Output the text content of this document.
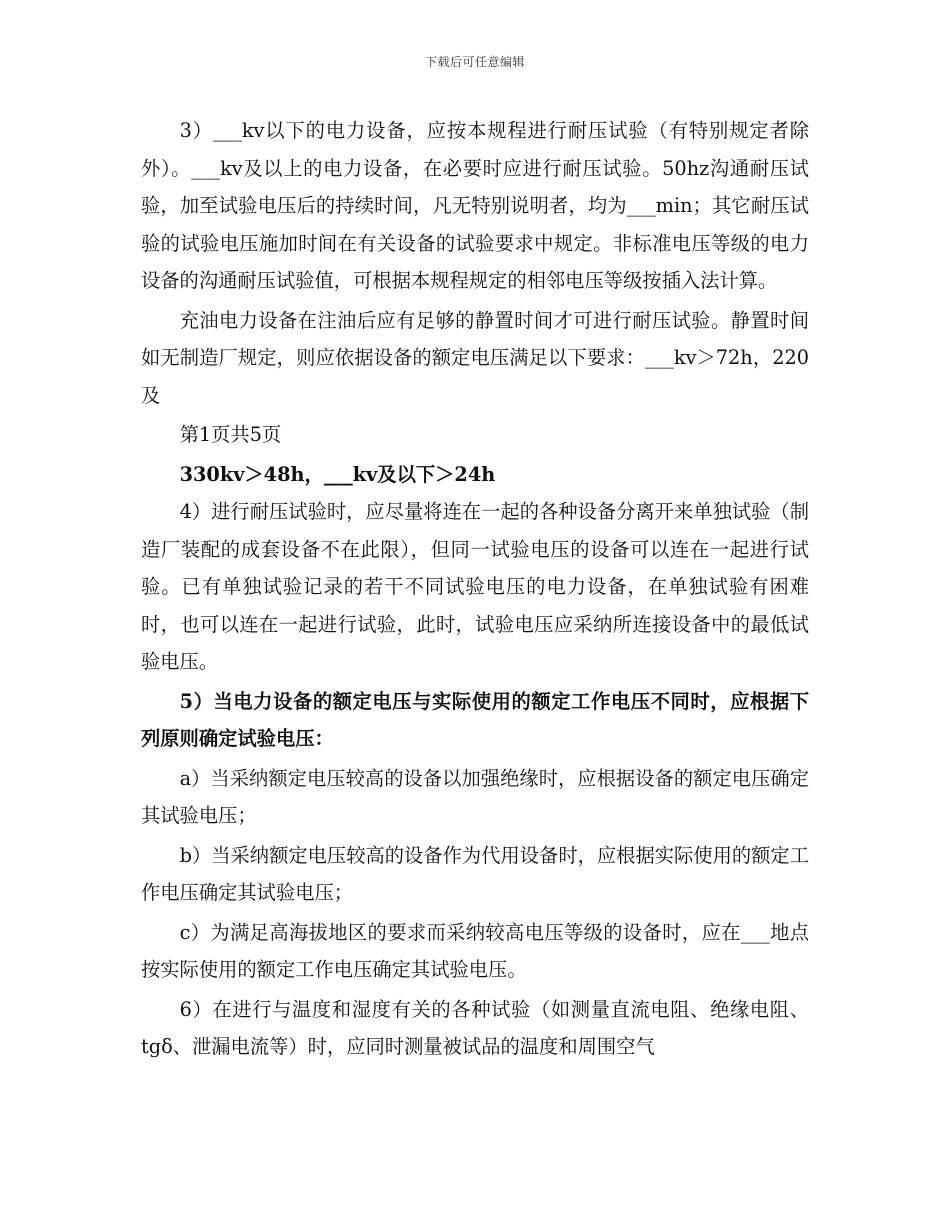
下载后可任意编辑

3）___kv以下的电力设备，应按本规程进行耐压试验（有特别规定者除外）。___kv及以上的电力设备，在必要时应进行耐压试验。50hz沟通耐压试验，加至试验电压后的持续时间，凡无特别说明者，均为___min；其它耐压试验的试验电压施加时间在有关设备的试验要求中规定。非标准电压等级的电力设备的沟通耐压试验值，可根据本规程规定的相邻电压等级按插入法计算。

充油电力设备在注油后应有足够的静置时间才可进行耐压试验。静置时间如无制造厂规定，则应依据设备的额定电压满足以下要求：___kv＞72h，220及

第1页共5页

330kv＞48h，___kv及以下＞24h

4）进行耐压试验时，应尽量将连在一起的各种设备分离开来单独试验（制造厂装配的成套设备不在此限），但同一试验电压的设备可以连在一起进行试验。已有单独试验记录的若干不同试验电压的电力设备，在单独试验有困难时，也可以连在一起进行试验，此时，试验电压应采纳所连接设备中的最低试验电压。

5）当电力设备的额定电压与实际使用的额定工作电压不同时，应根据下列原则确定试验电压：

a）当采纳额定电压较高的设备以加强绝缘时，应根据设备的额定电压确定其试验电压；

b）当采纳额定电压较高的设备作为代用设备时，应根据实际使用的额定工作电压确定其试验电压；

c）为满足高海拔地区的要求而采纳较高电压等级的设备时，应在___地点按实际使用的额定工作电压确定其试验电压。

6）在进行与温度和湿度有关的各种试验（如测量直流电阻、绝缘电阻、tgδ、泄漏电流等）时，应同时测量被试品的温度和周围空气
